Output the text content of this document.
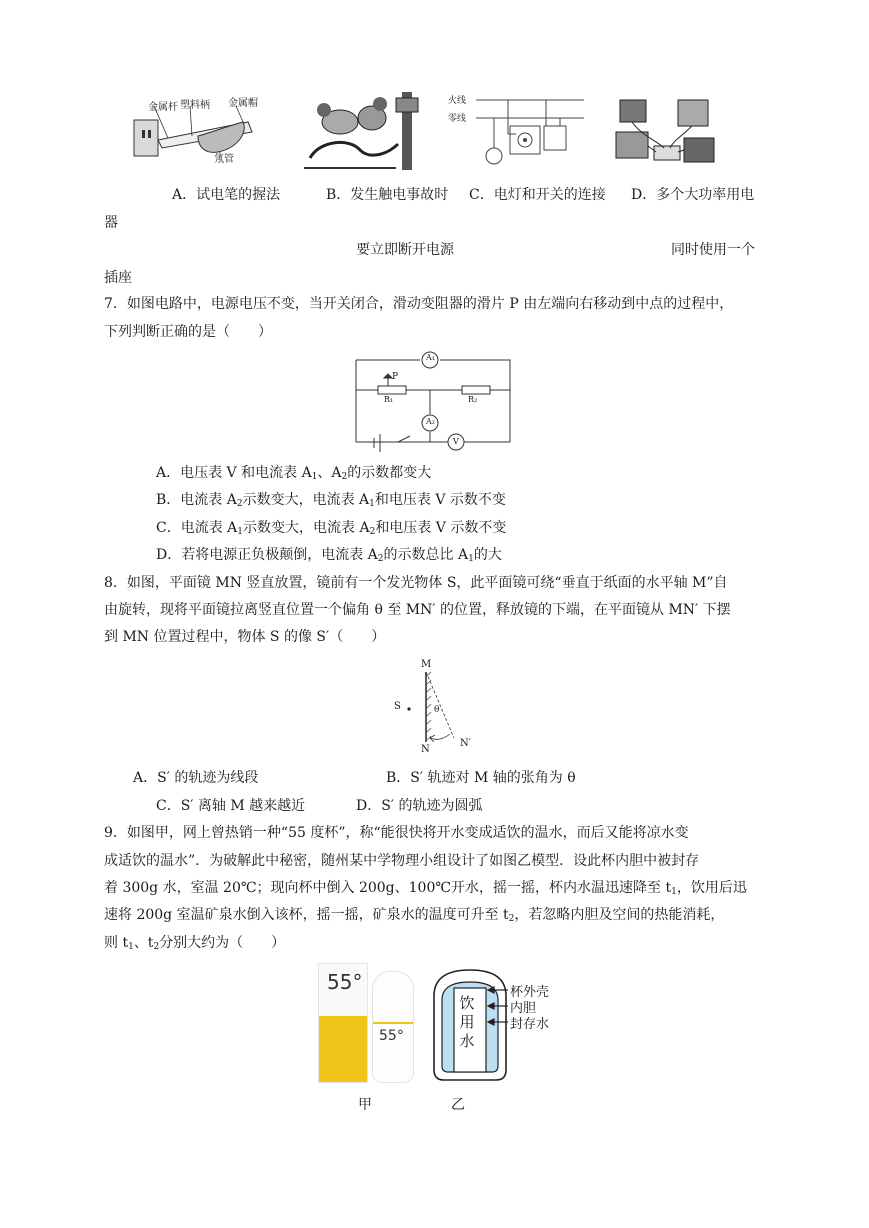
金属杆 塑料柄 金属帽
氖管
火线
零线
A．试电笔的握法	B．发生触电事故时 C．电灯和开关的连接 D．多个大功率用电
器
要立即断开电源	同时使用一个
插座
7．如图电路中，电源电压不变，当开关闭合，滑动变阻器的滑片 P 由左端向右移动到中点的过程中，
下列判断正确的是（　　）
A₁
P
R₁	R₂
A₂
V
A．电压表 V 和电流表 $A_1$、$A_2$的示数都变大
B．电流表 $A_2$示数变大，电流表 $A_1$和电压表 V 示数不变
C．电流表 $A_1$示数变大，电流表 $A_2$和电压表 V 示数不变
D．若将电源正负极颠倒，电流表 $A_2$的示数总比 $A_1$的大
8．如图，平面镜 MN 竖直放置，镜前有一个发光物体 S，此平面镜可绕“垂直于纸面的水平轴 M”自
由旋转，现将平面镜拉离竖直位置一个偏角 θ 至 MN′ 的位置，释放镜的下端，在平面镜从 MN′ 下摆
到 MN 位置过程中，物体 S 的像 S′（　　）
M
S	θ
N
N′
A．S′ 的轨迹为线段	B．S′ 轨迹对 M 轴的张角为 θ
C．S′ 离轴 M 越来越近	D．S′ 的轨迹为圆弧
9．如图甲，网上曾热销一种“55 度杯”，称“能很快将开水变成适饮的温水，而后又能将凉水变
成适饮的温水”．为破解此中秘密，随州某中学物理小组设计了如图乙模型．设此杯内胆中被封存
着 300g 水，室温 20℃；现向杯中倒入 200g、100℃开水，摇一摇，杯内水温迅速降至 $t_1$，饮用后迅
速将 200g 室温矿泉水倒入该杯，摇一摇，矿泉水的温度可升至 $t_2$，若忽略内胆及空间的热能消耗，
则 $t_1$、$t_2$分别大约为（　　）
55°
55°
饮用水
杯外壳
内胆
封存水
甲	乙
